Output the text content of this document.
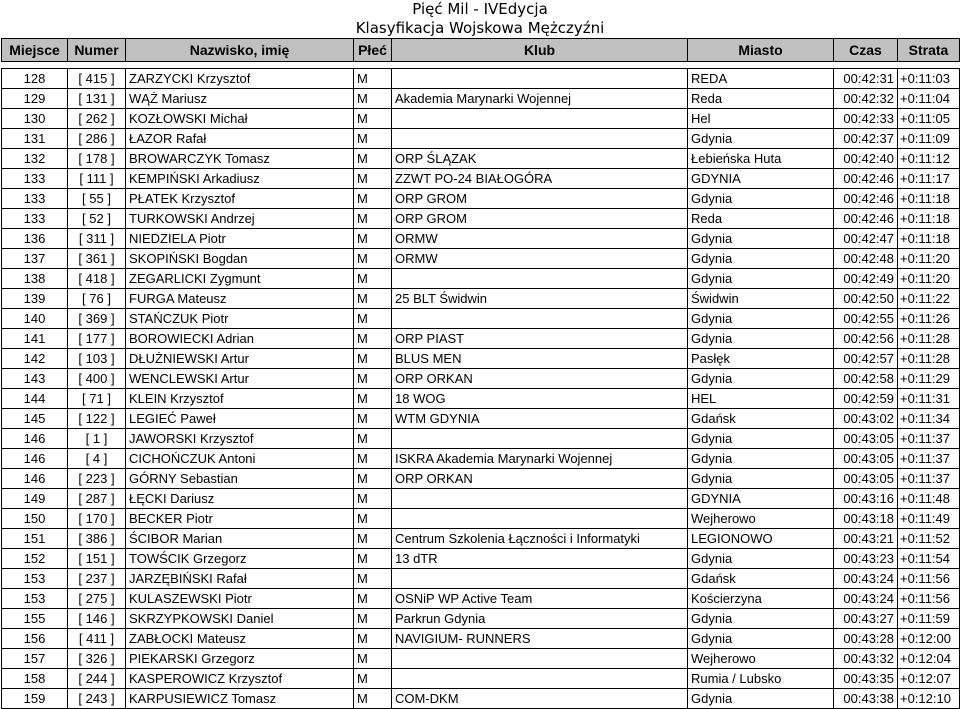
Pięć Mil - IVEdycja
Klasyfikacja Wojskowa Mężczyźni
Miejsce	Numer	Nazwisko, imię	Płeć	Klub	Miasto	Czas	Strata

128	[ 415 ]	ZARZYCKI Krzysztof	M		REDA	00:42:31	+0:11:03
129	[ 131 ]	WĄŻ Mariusz	M	Akademia Marynarki Wojennej	Reda	00:42:32	+0:11:04
130	[ 262 ]	KOZŁOWSKI Michał	M		Hel	00:42:33	+0:11:05
131	[ 286 ]	ŁAZOR Rafał	M		Gdynia	00:42:37	+0:11:09
132	[ 178 ]	BROWARCZYK Tomasz	M	ORP ŚLĄZAK	Łebieńska Huta	00:42:40	+0:11:12
133	[ 111 ]	KEMPIŃSKI Arkadiusz	M	ZZWT PO-24 BIAŁOGÓRA	GDYNIA	00:42:46	+0:11:17
133	[ 55 ]	PŁATEK Krzysztof	M	ORP GROM	Gdynia	00:42:46	+0:11:18
133	[ 52 ]	TURKOWSKI Andrzej	M	ORP GROM	Reda	00:42:46	+0:11:18
136	[ 311 ]	NIEDZIELA Piotr	M	ORMW	Gdynia	00:42:47	+0:11:18
137	[ 361 ]	SKOPIŃSKI Bogdan	M	ORMW	Gdynia	00:42:48	+0:11:20
138	[ 418 ]	ZEGARLICKI Zygmunt	M		Gdynia	00:42:49	+0:11:20
139	[ 76 ]	FURGA Mateusz	M	25 BLT Świdwin	Świdwin	00:42:50	+0:11:22
140	[ 369 ]	STAŃCZUK Piotr	M		Gdynia	00:42:55	+0:11:26
141	[ 177 ]	BOROWIECKI Adrian	M	ORP PIAST	Gdynia	00:42:56	+0:11:28
142	[ 103 ]	DŁUŻNIEWSKI Artur	M	BLUS MEN	Pasłęk	00:42:57	+0:11:28
143	[ 400 ]	WENCLEWSKI Artur	M	ORP ORKAN	Gdynia	00:42:58	+0:11:29
144	[ 71 ]	KLEIN Krzysztof	M	18 WOG	HEL	00:42:59	+0:11:31
145	[ 122 ]	LEGIEĆ Paweł	M	WTM GDYNIA	Gdańsk	00:43:02	+0:11:34
146	[ 1 ]	JAWORSKI Krzysztof	M		Gdynia	00:43:05	+0:11:37
146	[ 4 ]	CICHOŃCZUK Antoni	M	ISKRA Akademia Marynarki Wojennej	Gdynia	00:43:05	+0:11:37
146	[ 223 ]	GÓRNY Sebastian	M	ORP ORKAN	Gdynia	00:43:05	+0:11:37
149	[ 287 ]	ŁĘCKI Dariusz	M		GDYNIA	00:43:16	+0:11:48
150	[ 170 ]	BECKER Piotr	M		Wejherowo	00:43:18	+0:11:49
151	[ 386 ]	ŚCIBOR Marian	M	Centrum Szkolenia Łączności i Informatyki	LEGIONOWO	00:43:21	+0:11:52
152	[ 151 ]	TOWŚCIK Grzegorz	M	13 dTR	Gdynia	00:43:23	+0:11:54
153	[ 237 ]	JARZĘBIŃSKI Rafał	M		Gdańsk	00:43:24	+0:11:56
153	[ 275 ]	KULASZEWSKI Piotr	M	OSNiP WP Active Team	Kościerzyna	00:43:24	+0:11:56
155	[ 146 ]	SKRZYPKOWSKI Daniel	M	Parkrun Gdynia	Gdynia	00:43:27	+0:11:59
156	[ 411 ]	ZABŁOCKI Mateusz	M	NAVIGIUM- RUNNERS	Gdynia	00:43:28	+0:12:00
157	[ 326 ]	PIEKARSKI Grzegorz	M		Wejherowo	00:43:32	+0:12:04
158	[ 244 ]	KASPEROWICZ Krzysztof	M		Rumia / Lubsko	00:43:35	+0:12:07
159	[ 243 ]	KARPUSIEWICZ Tomasz	M	COM-DKM	Gdynia	00:43:38	+0:12:10
